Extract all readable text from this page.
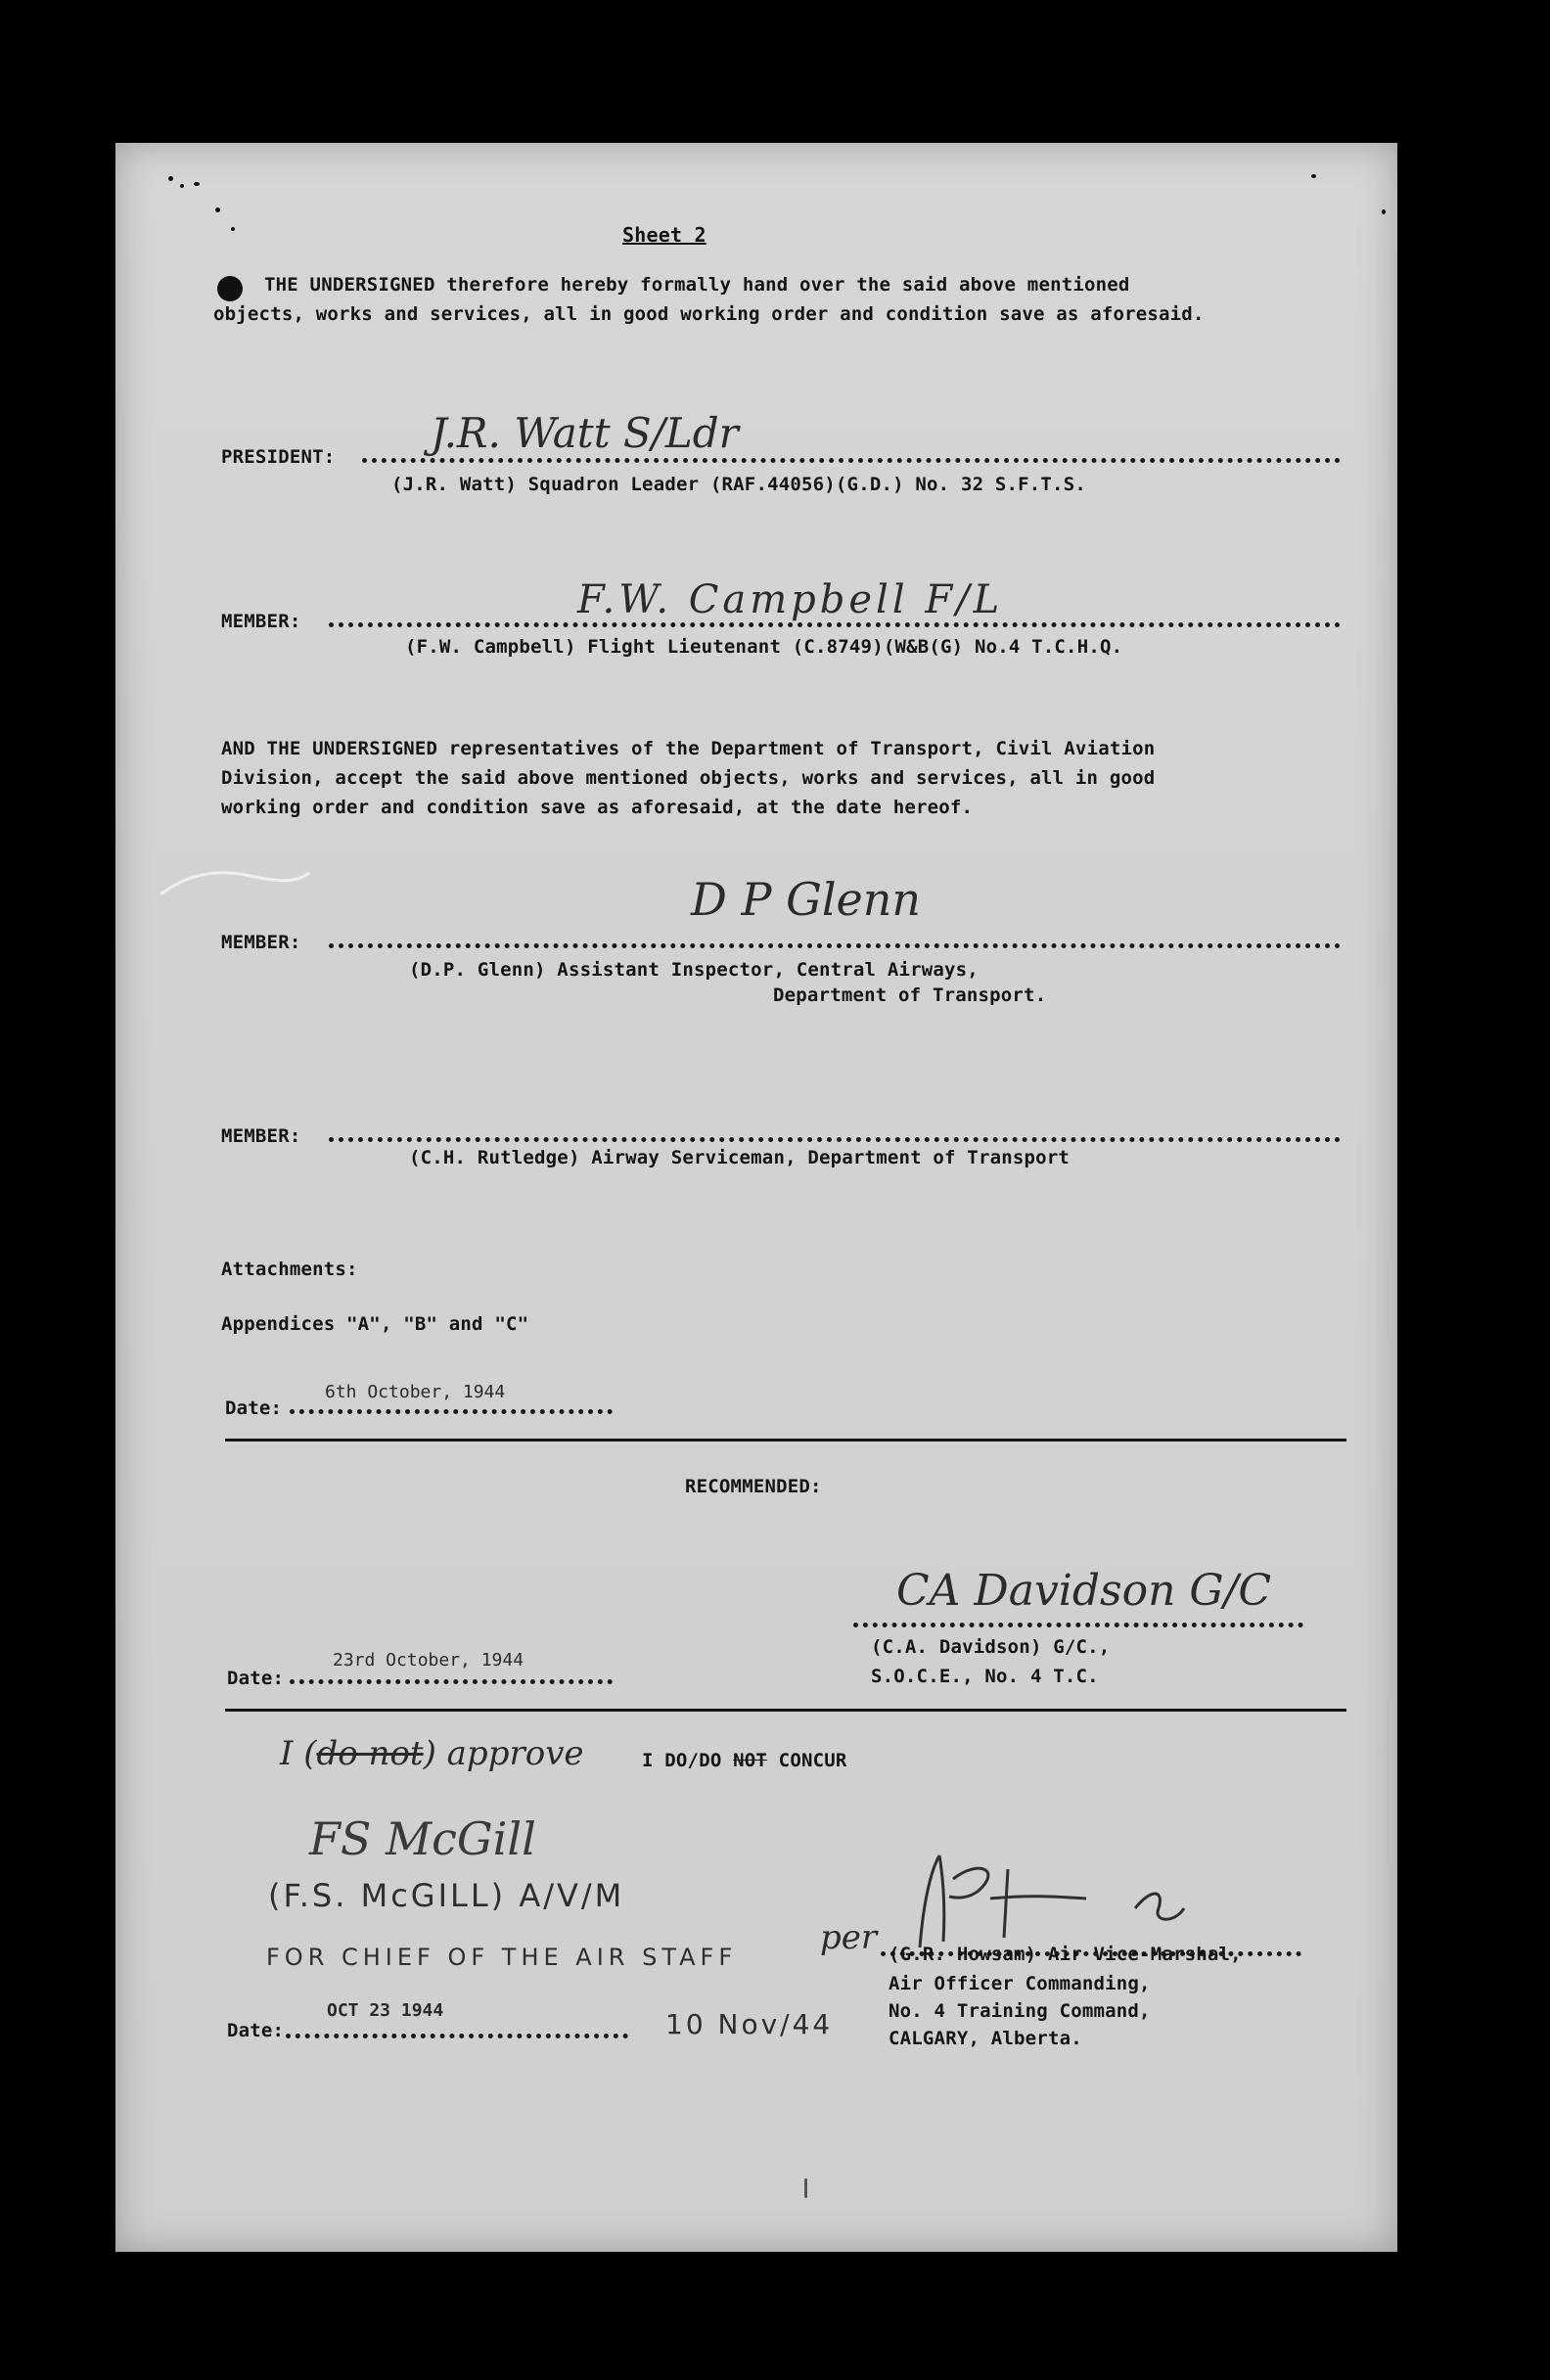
Sheet 2
THE UNDERSIGNED therefore hereby formally hand over the said above mentioned
objects, works and services, all in good working order and condition save as aforesaid.
J.R. Watt S/Ldr
PRESIDENT:
(J.R. Watt) Squadron Leader (RAF.44056)(G.D.) No. 32 S.F.T.S.
F.W. Campbell F/L
MEMBER:
(F.W. Campbell) Flight Lieutenant (C.8749)(W&B(G) No.4 T.C.H.Q.
AND THE UNDERSIGNED representatives of the Department of Transport, Civil Aviation
Division, accept the said above mentioned objects, works and services, all in good
working order and condition save as aforesaid, at the date hereof.
D P Glenn
MEMBER:
(D.P. Glenn) Assistant Inspector, Central Airways,
Department of Transport.
MEMBER:
(C.H. Rutledge) Airway Serviceman, Department of Transport
Attachments:
Appendices "A", "B" and "C"
6th October, 1944
Date:
RECOMMENDED:
CA Davidson G/C
(C.A. Davidson) G/C.,
S.O.C.E., No. 4 T.C.
23rd October, 1944
Date:
I (do not) approve	I DO/DO NOT CONCUR
FS McGill
(F.S. McGILL) A/V/M
FOR CHIEF OF THE AIR STAFF
Date:
OCT 23 1944	10 Nov/44
per (G.R. Howsam) Air Vice-Marshal,
Air Officer Commanding,
No. 4 Training Command,
CALGARY, Alberta.
